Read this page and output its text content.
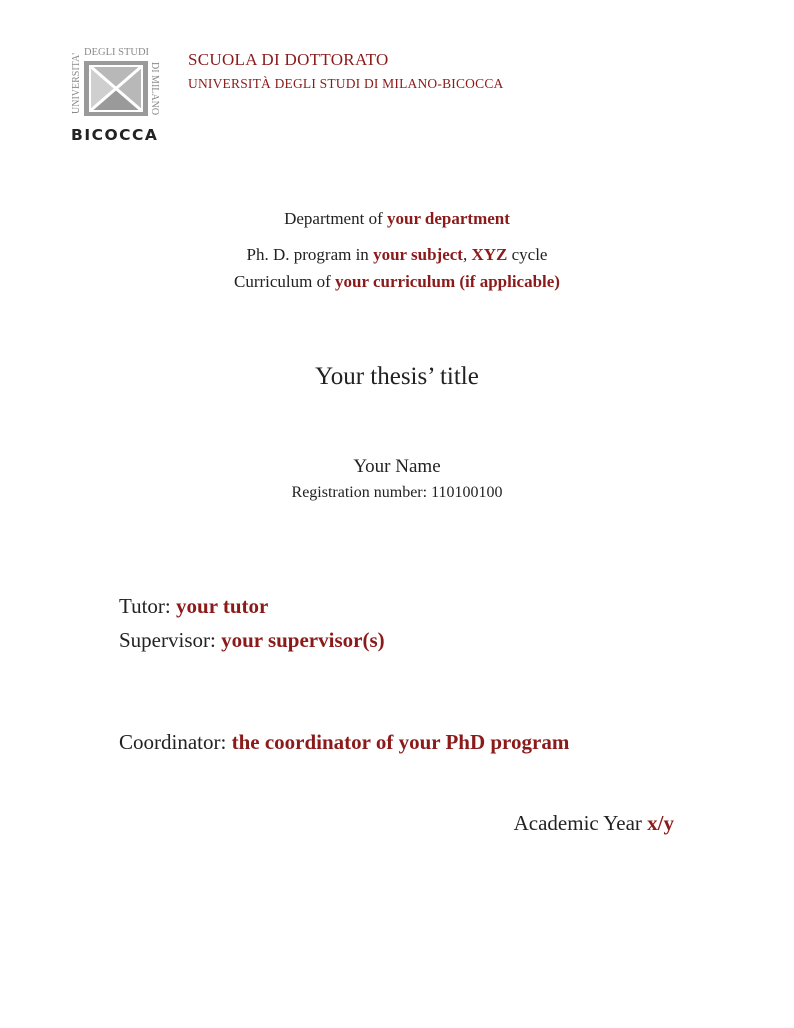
UNIVERSITA'
DEGLI STUDI
DI MILANO
BICOCCA
SCUOLA DI DOTTORATO
UNIVERSITÀ DEGLI STUDI DI MILANO-BICOCCA
Department of your department
Ph. D. program in your subject, XYZ cycle
Curriculum of your curriculum (if applicable)
Your thesis’ title
Your Name
Registration number: 110100100
Tutor: your tutor
Supervisor: your supervisor(s)
Coordinator: the coordinator of your PhD program
Academic Year x/y
